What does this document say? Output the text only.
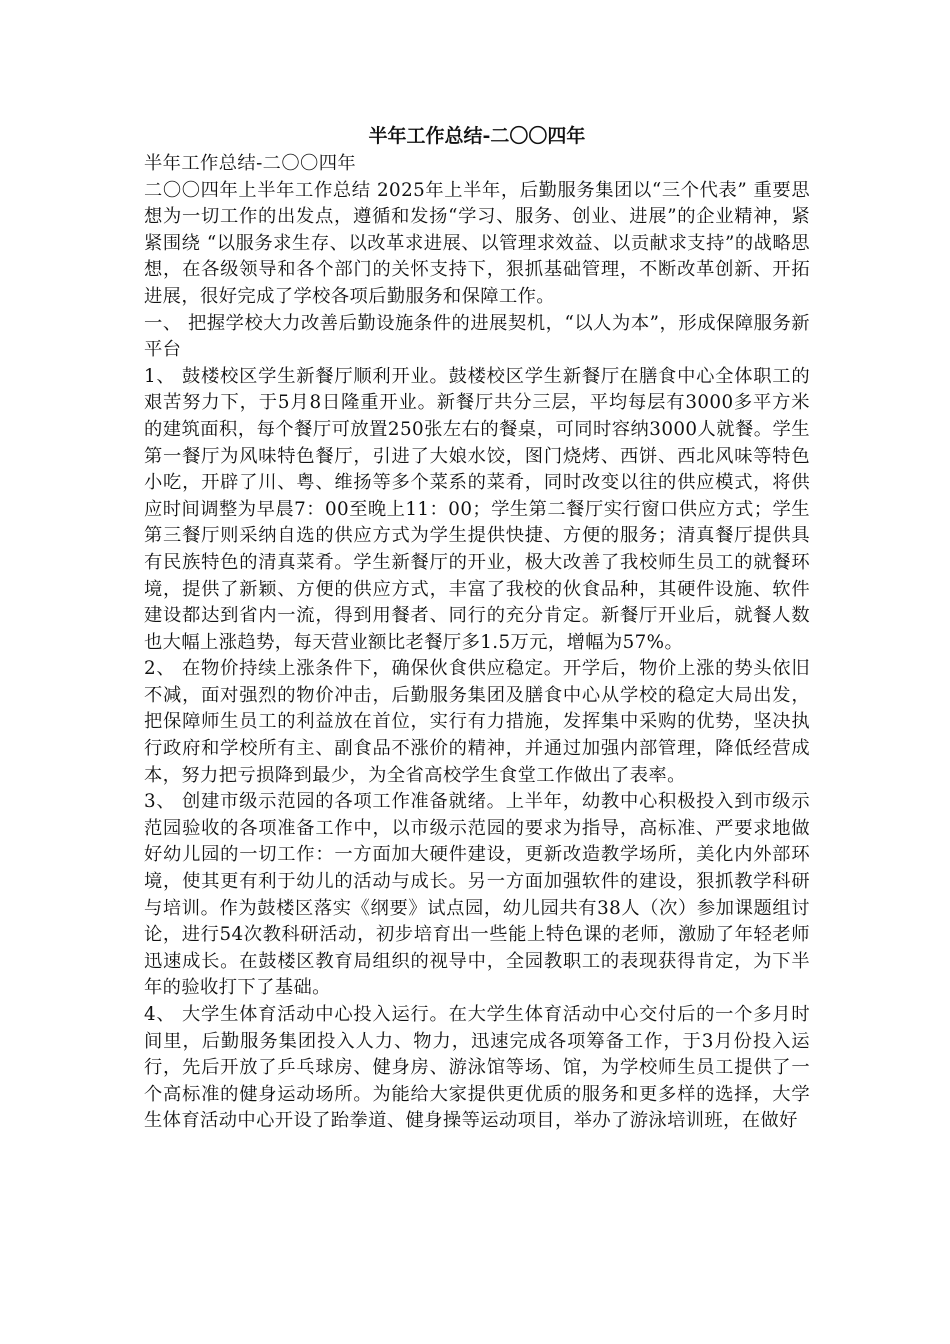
半年工作总结-二〇〇四年

半年工作总结-二〇〇四年

二〇〇四年上半年工作总结 2025年上半年，后勤服务集团以“三个代表” 重要思想为一切工作的出发点，遵循和发扬“学习、服务、创业、进展”的企业精神，紧紧围绕 “以服务求生存、以改革求进展、以管理求效益、以贡献求支持”的战略思想，在各级领导和各个部门的关怀支持下，狠抓基础管理，不断改革创新、开拓进展，很好完成了学校各项后勤服务和保障工作。

一、 把握学校大力改善后勤设施条件的进展契机，“以人为本”，形成保障服务新平台

1、 鼓楼校区学生新餐厅顺利开业。鼓楼校区学生新餐厅在膳食中心全体职工的艰苦努力下，于5月8日隆重开业。新餐厅共分三层，平均每层有3000多平方米的建筑面积，每个餐厅可放置250张左右的餐桌，可同时容纳3000人就餐。学生第一餐厅为风味特色餐厅，引进了大娘水饺，图门烧烤、西饼、西北风味等特色小吃，开辟了川、粤、维扬等多个菜系的菜肴，同时改变以往的供应模式，将供应时间调整为早晨7：00至晚上11：00；学生第二餐厅实行窗口供应方式；学生第三餐厅则采纳自选的供应方式为学生提供快捷、方便的服务；清真餐厅提供具有民族特色的清真菜肴。学生新餐厅的开业，极大改善了我校师生员工的就餐环境，提供了新颖、方便的供应方式，丰富了我校的伙食品种，其硬件设施、软件建设都达到省内一流，得到用餐者、同行的充分肯定。新餐厅开业后，就餐人数也大幅上涨趋势，每天营业额比老餐厅多1.5万元，增幅为57%。

2、 在物价持续上涨条件下，确保伙食供应稳定。开学后，物价上涨的势头依旧不减，面对强烈的物价冲击，后勤服务集团及膳食中心从学校的稳定大局出发，把保障师生员工的利益放在首位，实行有力措施，发挥集中采购的优势，坚决执行政府和学校所有主、副食品不涨价的精神，并通过加强内部管理，降低经营成本，努力把亏损降到最少，为全省高校学生食堂工作做出了表率。

3、 创建市级示范园的各项工作准备就绪。上半年，幼教中心积极投入到市级示范园验收的各项准备工作中，以市级示范园的要求为指导，高标准、严要求地做好幼儿园的一切工作：一方面加大硬件建设，更新改造教学场所，美化内外部环境，使其更有利于幼儿的活动与成长。另一方面加强软件的建设，狠抓教学科研与培训。作为鼓楼区落实《纲要》试点园，幼儿园共有38人（次）参加课题组讨论，进行54次教科研活动，初步培育出一些能上特色课的老师，激励了年轻老师迅速成长。在鼓楼区教育局组织的视导中，全园教职工的表现获得肯定，为下半年的验收打下了基础。

4、 大学生体育活动中心投入运行。在大学生体育活动中心交付后的一个多月时间里，后勤服务集团投入人力、物力，迅速完成各项筹备工作，于3月份投入运行，先后开放了乒乓球房、健身房、游泳馆等场、馆，为学校师生员工提供了一个高标准的健身运动场所。为能给大家提供更优质的服务和更多样的选择，大学生体育活动中心开设了跆拳道、健身操等运动项目，举办了游泳培训班，在做好
